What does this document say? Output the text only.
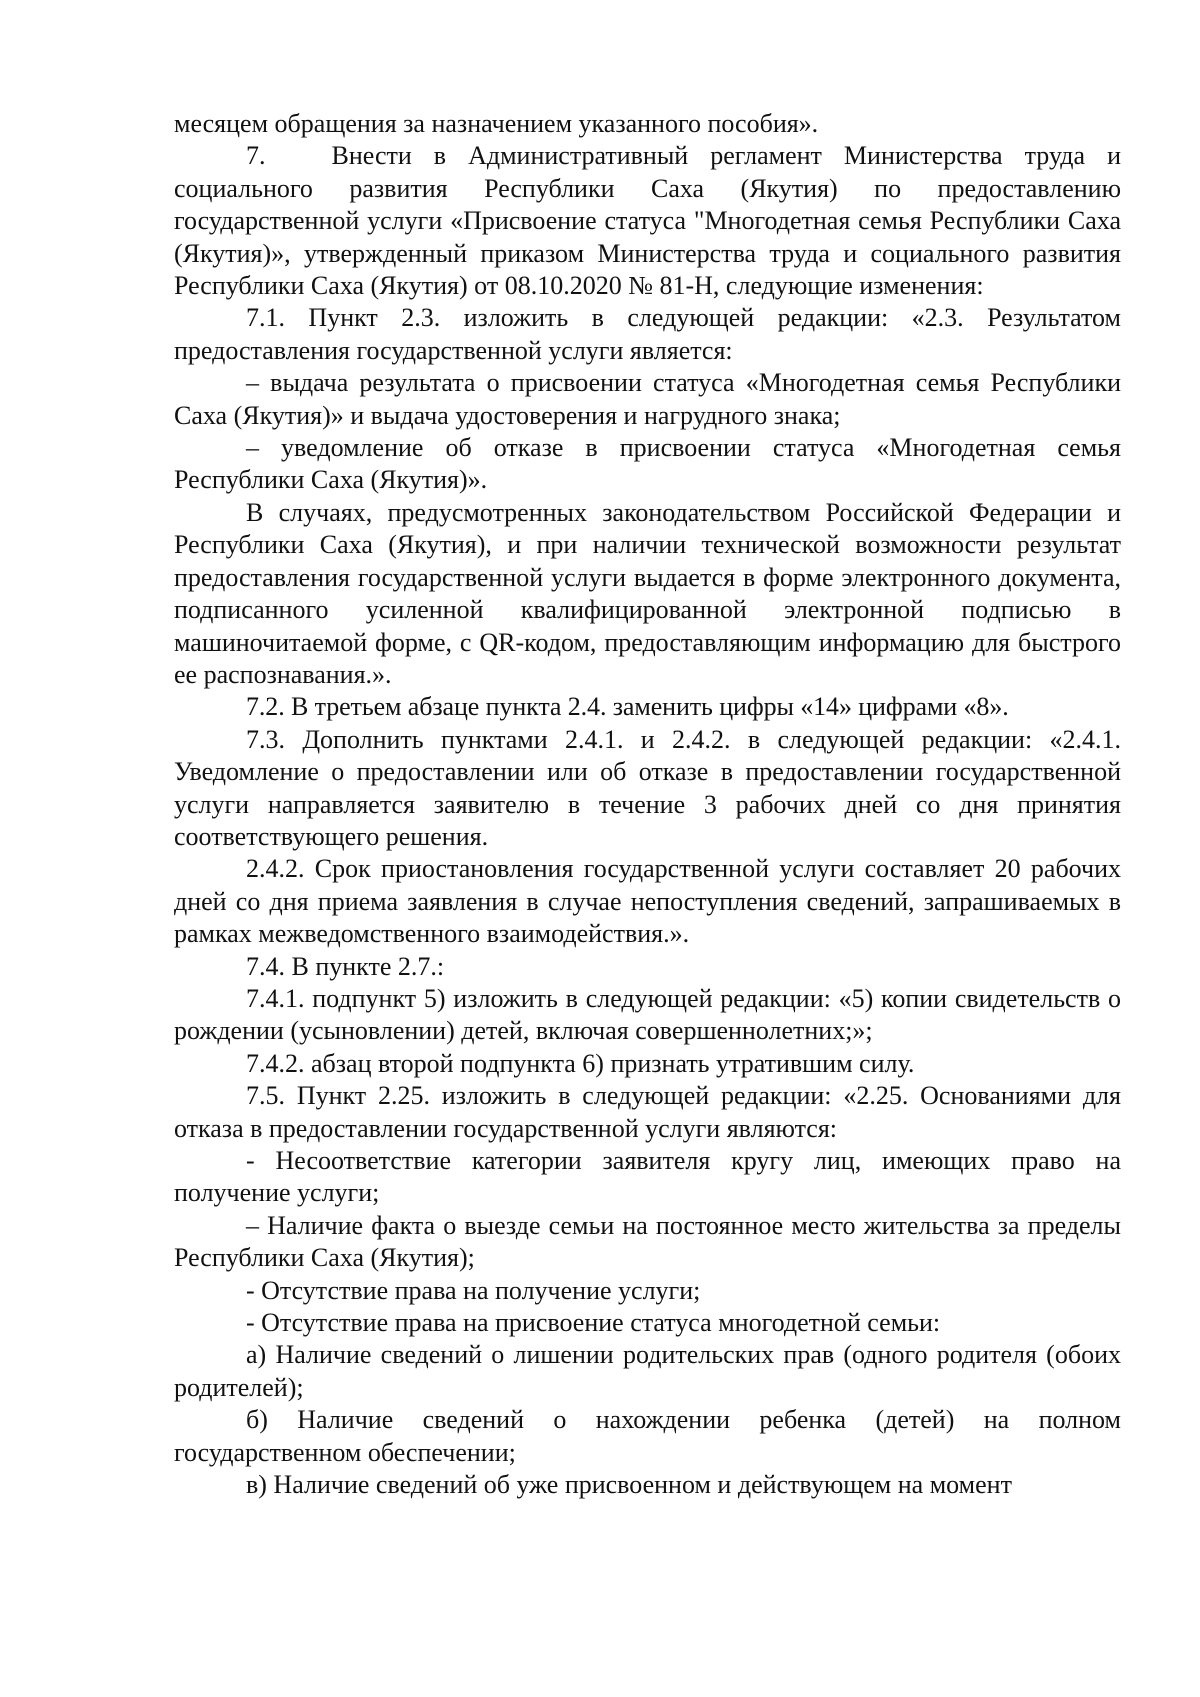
месяцем обращения за назначением указанного пособия».

7.   Внести в Административный регламент Министерства труда и социального развития Республики Саха (Якутия) по предоставлению государственной услуги «Присвоение статуса "Многодетная семья Республики Саха (Якутия)», утвержденный приказом Министерства труда и социального развития Республики Саха (Якутия) от 08.10.2020 № 81-Н, следующие изменения:

7.1. Пункт 2.3. изложить в следующей редакции: «2.3. Результатом предоставления государственной услуги является:

– выдача результата о присвоении статуса «Многодетная семья Республики Саха (Якутия)» и выдача удостоверения и нагрудного знака;

– уведомление об отказе в присвоении статуса «Многодетная семья Республики Саха (Якутия)».

В случаях, предусмотренных законодательством Российской Федерации и Республики Саха (Якутия), и при наличии технической возможности результат предоставления государственной услуги выдается в форме электронного документа, подписанного усиленной квалифицированной электронной подписью в машиночитаемой форме, с QR-кодом, предоставляющим информацию для быстрого ее распознавания.».

7.2. В третьем абзаце пункта 2.4. заменить цифры «14» цифрами «8».

7.3. Дополнить пунктами 2.4.1. и 2.4.2. в следующей редакции: «2.4.1. Уведомление о предоставлении или об отказе в предоставлении государственной услуги направляется заявителю в течение 3 рабочих дней со дня принятия соответствующего решения.

2.4.2. Срок приостановления государственной услуги составляет 20 рабочих дней со дня приема заявления в случае непоступления сведений, запрашиваемых в рамках межведомственного взаимодействия.».

7.4. В пункте 2.7.:

7.4.1. подпункт 5) изложить в следующей редакции: «5) копии свидетельств о рождении (усыновлении) детей, включая совершеннолетних;»;

7.4.2. абзац второй подпункта 6) признать утратившим силу.

7.5. Пункт 2.25. изложить в следующей редакции: «2.25. Основаниями для отказа в предоставлении государственной услуги являются:

- Несоответствие категории заявителя кругу лиц, имеющих право на получение услуги;

– Наличие факта о выезде семьи на постоянное место жительства за пределы Республики Саха (Якутия);

- Отсутствие права на получение услуги;

- Отсутствие права на присвоение статуса многодетной семьи:

а) Наличие сведений о лишении родительских прав (одного родителя (обоих родителей);

б) Наличие сведений о нахождении ребенка (детей) на полном государственном обеспечении;

в) Наличие сведений об уже присвоенном и действующем на момент
